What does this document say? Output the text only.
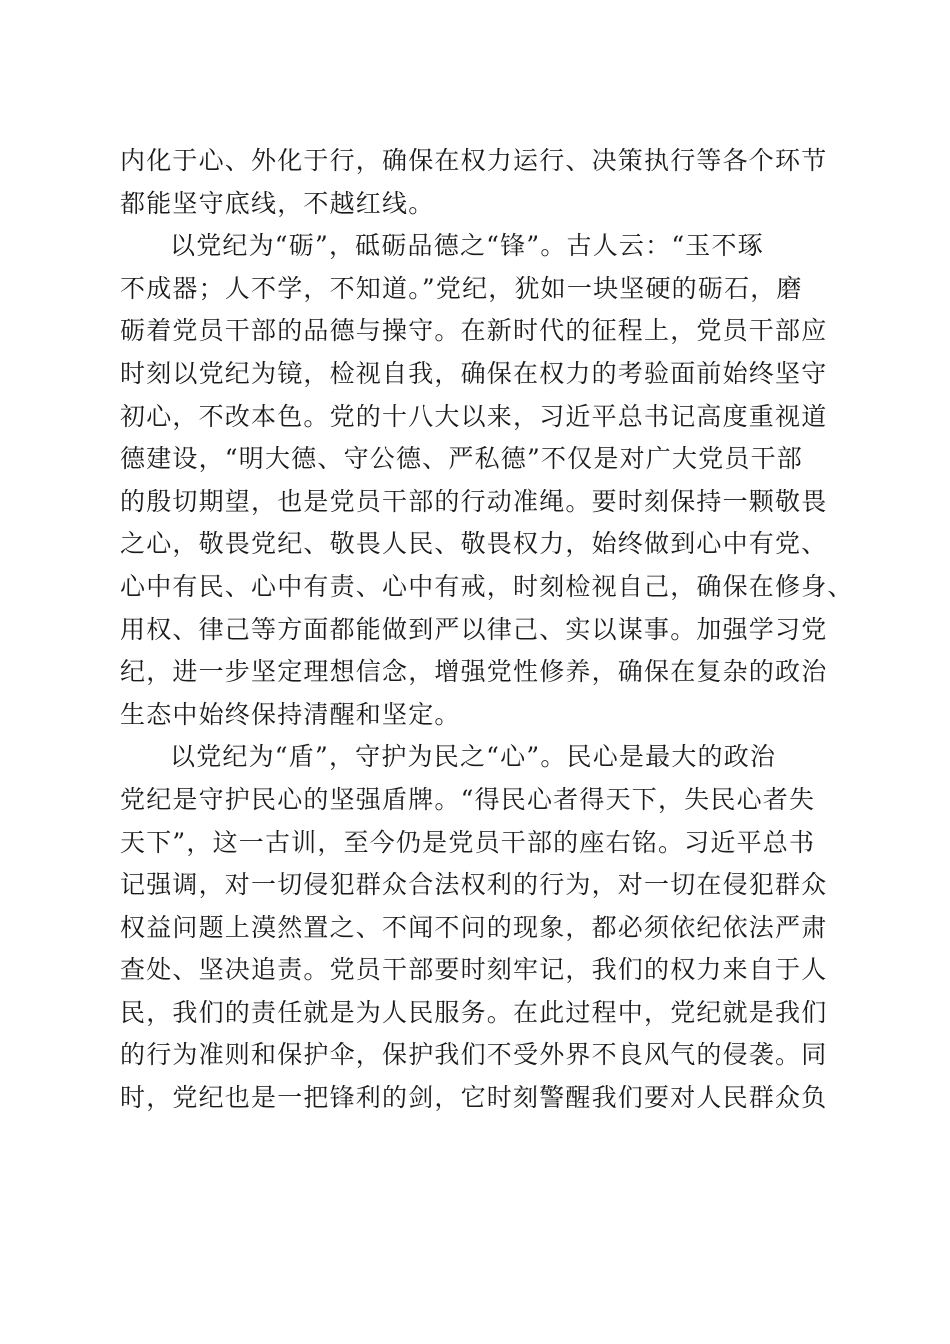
内化于心、外化于行，确保在权力运行、决策执行等各个环节
都能坚守底线，不越红线。
以党纪为“砺”，砥砺品德之“锋”。古人云：“玉不琢
不成器；人不学，不知道。”党纪，犹如一块坚硬的砺石，磨
砺着党员干部的品德与操守。在新时代的征程上，党员干部应
时刻以党纪为镜，检视自我，确保在权力的考验面前始终坚守
初心，不改本色。党的十八大以来，习近平总书记高度重视道
德建设，“明大德、守公德、严私德”不仅是对广大党员干部
的殷切期望，也是党员干部的行动准绳。要时刻保持一颗敬畏
之心，敬畏党纪、敬畏人民、敬畏权力，始终做到心中有党、
心中有民、心中有责、心中有戒，时刻检视自己，确保在修身、
用权、律己等方面都能做到严以律己、实以谋事。加强学习党
纪，进一步坚定理想信念，增强党性修养，确保在复杂的政治
生态中始终保持清醒和坚定。
以党纪为“盾”，守护为民之“心”。民心是最大的政治
党纪是守护民心的坚强盾牌。“得民心者得天下，失民心者失
天下”，这一古训，至今仍是党员干部的座右铭。习近平总书
记强调，对一切侵犯群众合法权利的行为，对一切在侵犯群众
权益问题上漠然置之、不闻不问的现象，都必须依纪依法严肃
查处、坚决追责。党员干部要时刻牢记，我们的权力来自于人
民，我们的责任就是为人民服务。在此过程中，党纪就是我们
的行为准则和保护伞，保护我们不受外界不良风气的侵袭。同
时，党纪也是一把锋利的剑，它时刻警醒我们要对人民群众负
